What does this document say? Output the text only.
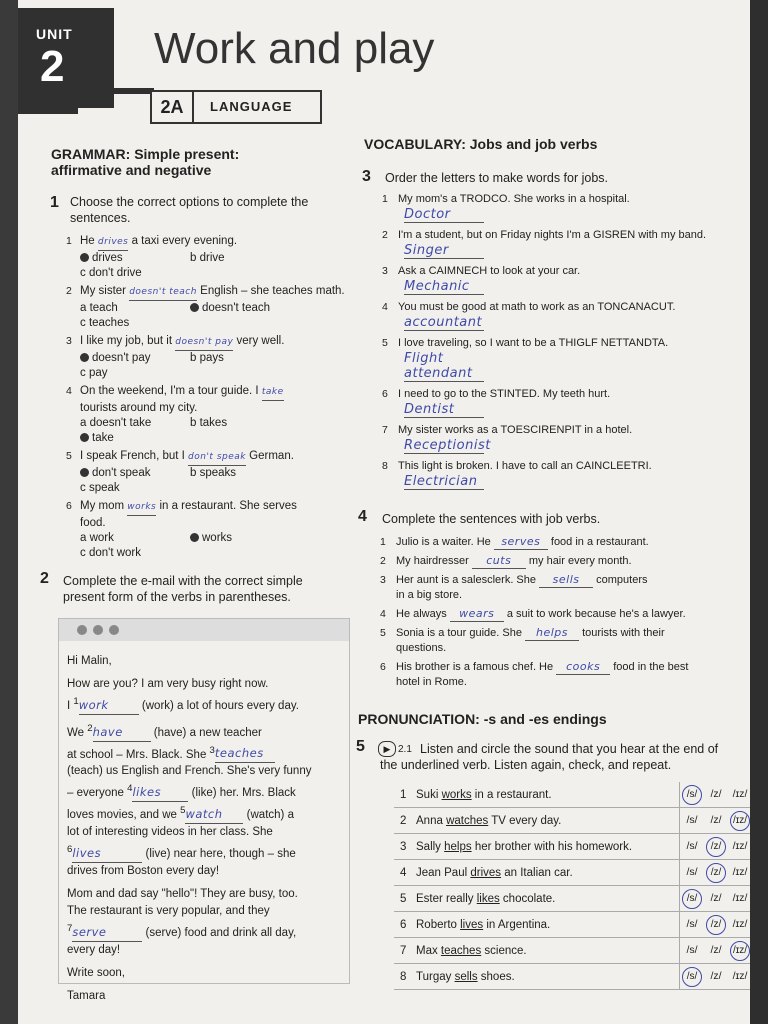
UNIT
2 Work and play
2A	LANGUAGE
GRAMMAR: Simple present:
affirmative and negative
1 Choose the correct options to complete the
sentences.
1 He drives a taxi every evening.
drives	b drive
c don't drive
2 My sister doesn't teach English – she teaches math.
a teach	doesn't teach
c teaches
3 I like my job, but it doesn't pay very well.
doesn't pay	b pays
c pay
4 On the weekend, I'm a tour guide. I take
tourists around my city.
a doesn't take	b takes
take
5 I speak French, but I don't speak German.
don't speak	b speaks
c speak
6 My mom works in a restaurant. She serves
food.
a work	works
c don't work
2 Complete the e-mail with the correct simple
present form of the verbs in parentheses.
Hi Malin,
How are you? I am very busy right now.
I $^1$work	(work) a lot of hours every day.
We $^2$have	(have) a new teacher
at school – Mrs. Black. She $^3$teaches
(teach) us English and French. She's very funny
– everyone $^4$likes	(like) her. Mrs. Black
loves movies, and we $^5$watch (watch) a
lot of interesting videos in her class. She
$^6$lives	(live) near here, though – she
drives from Boston every day!
Mom and dad say "hello"! They are busy, too.
The restaurant is very popular, and they
$^7$serve	(serve) food and drink all day,
every day!
Write soon,
Tamara
VOCABULARY: Jobs and job verbs
3 Order the letters to make words for jobs.
1 My mom's a TRODCO. She works in a hospital.
Doctor
2 I'm a student, but on Friday nights I'm a GISREN with my band.
Singer
3 Ask a CAIMNECH to look at your car.
Mechanic
4 You must be good at math to work as an TONCANACUT.
accountant
5 I love traveling, so I want to be a THIGLF NETTANDTA.
Flight attendant
6 I need to go to the STINTED. My teeth hurt.
Dentist
7 My sister works as a TOESCIRENPIT in a hotel.
Receptionist
8 This light is broken. I have to call an CAINCLEETRI.
Electrician
4 Complete the sentences with job verbs.
1 Julio is a waiter. He serves food in a restaurant.
2 My hairdresser cuts my hair every month.
3 Her aunt is a salesclerk. She sells computers
in a big store.
4 He always wears a suit to work because he's a lawyer.
5 Sonia is a tour guide. She helps tourists with their
questions.
6 His brother is a famous chef. He cooks food in the best
hotel in Rome.
PRONUNCIATION: -s and -es endings
5	▶ 2.1 Listen and circle the sound that you hear at the end of
the underlined verb. Listen again, check, and repeat.
1 Suki works in a restaurant.	/s/ /z/ /ɪz/
2 Anna watches TV every day.	/s/ /z/ /ɪz/
3 Sally helps her brother with his homework.	/s/ /z/ /ɪz/
4 Jean Paul drives an Italian car.	/s/ /z/ /ɪz/
5 Ester really likes chocolate.	/s/ /z/ /ɪz/
6 Roberto lives in Argentina.	/s/ /z/ /ɪz/
7 Max teaches science.	/s/ /z/ /ɪz/
8 Turgay sells shoes.	/s/ /z/ /ɪz/
